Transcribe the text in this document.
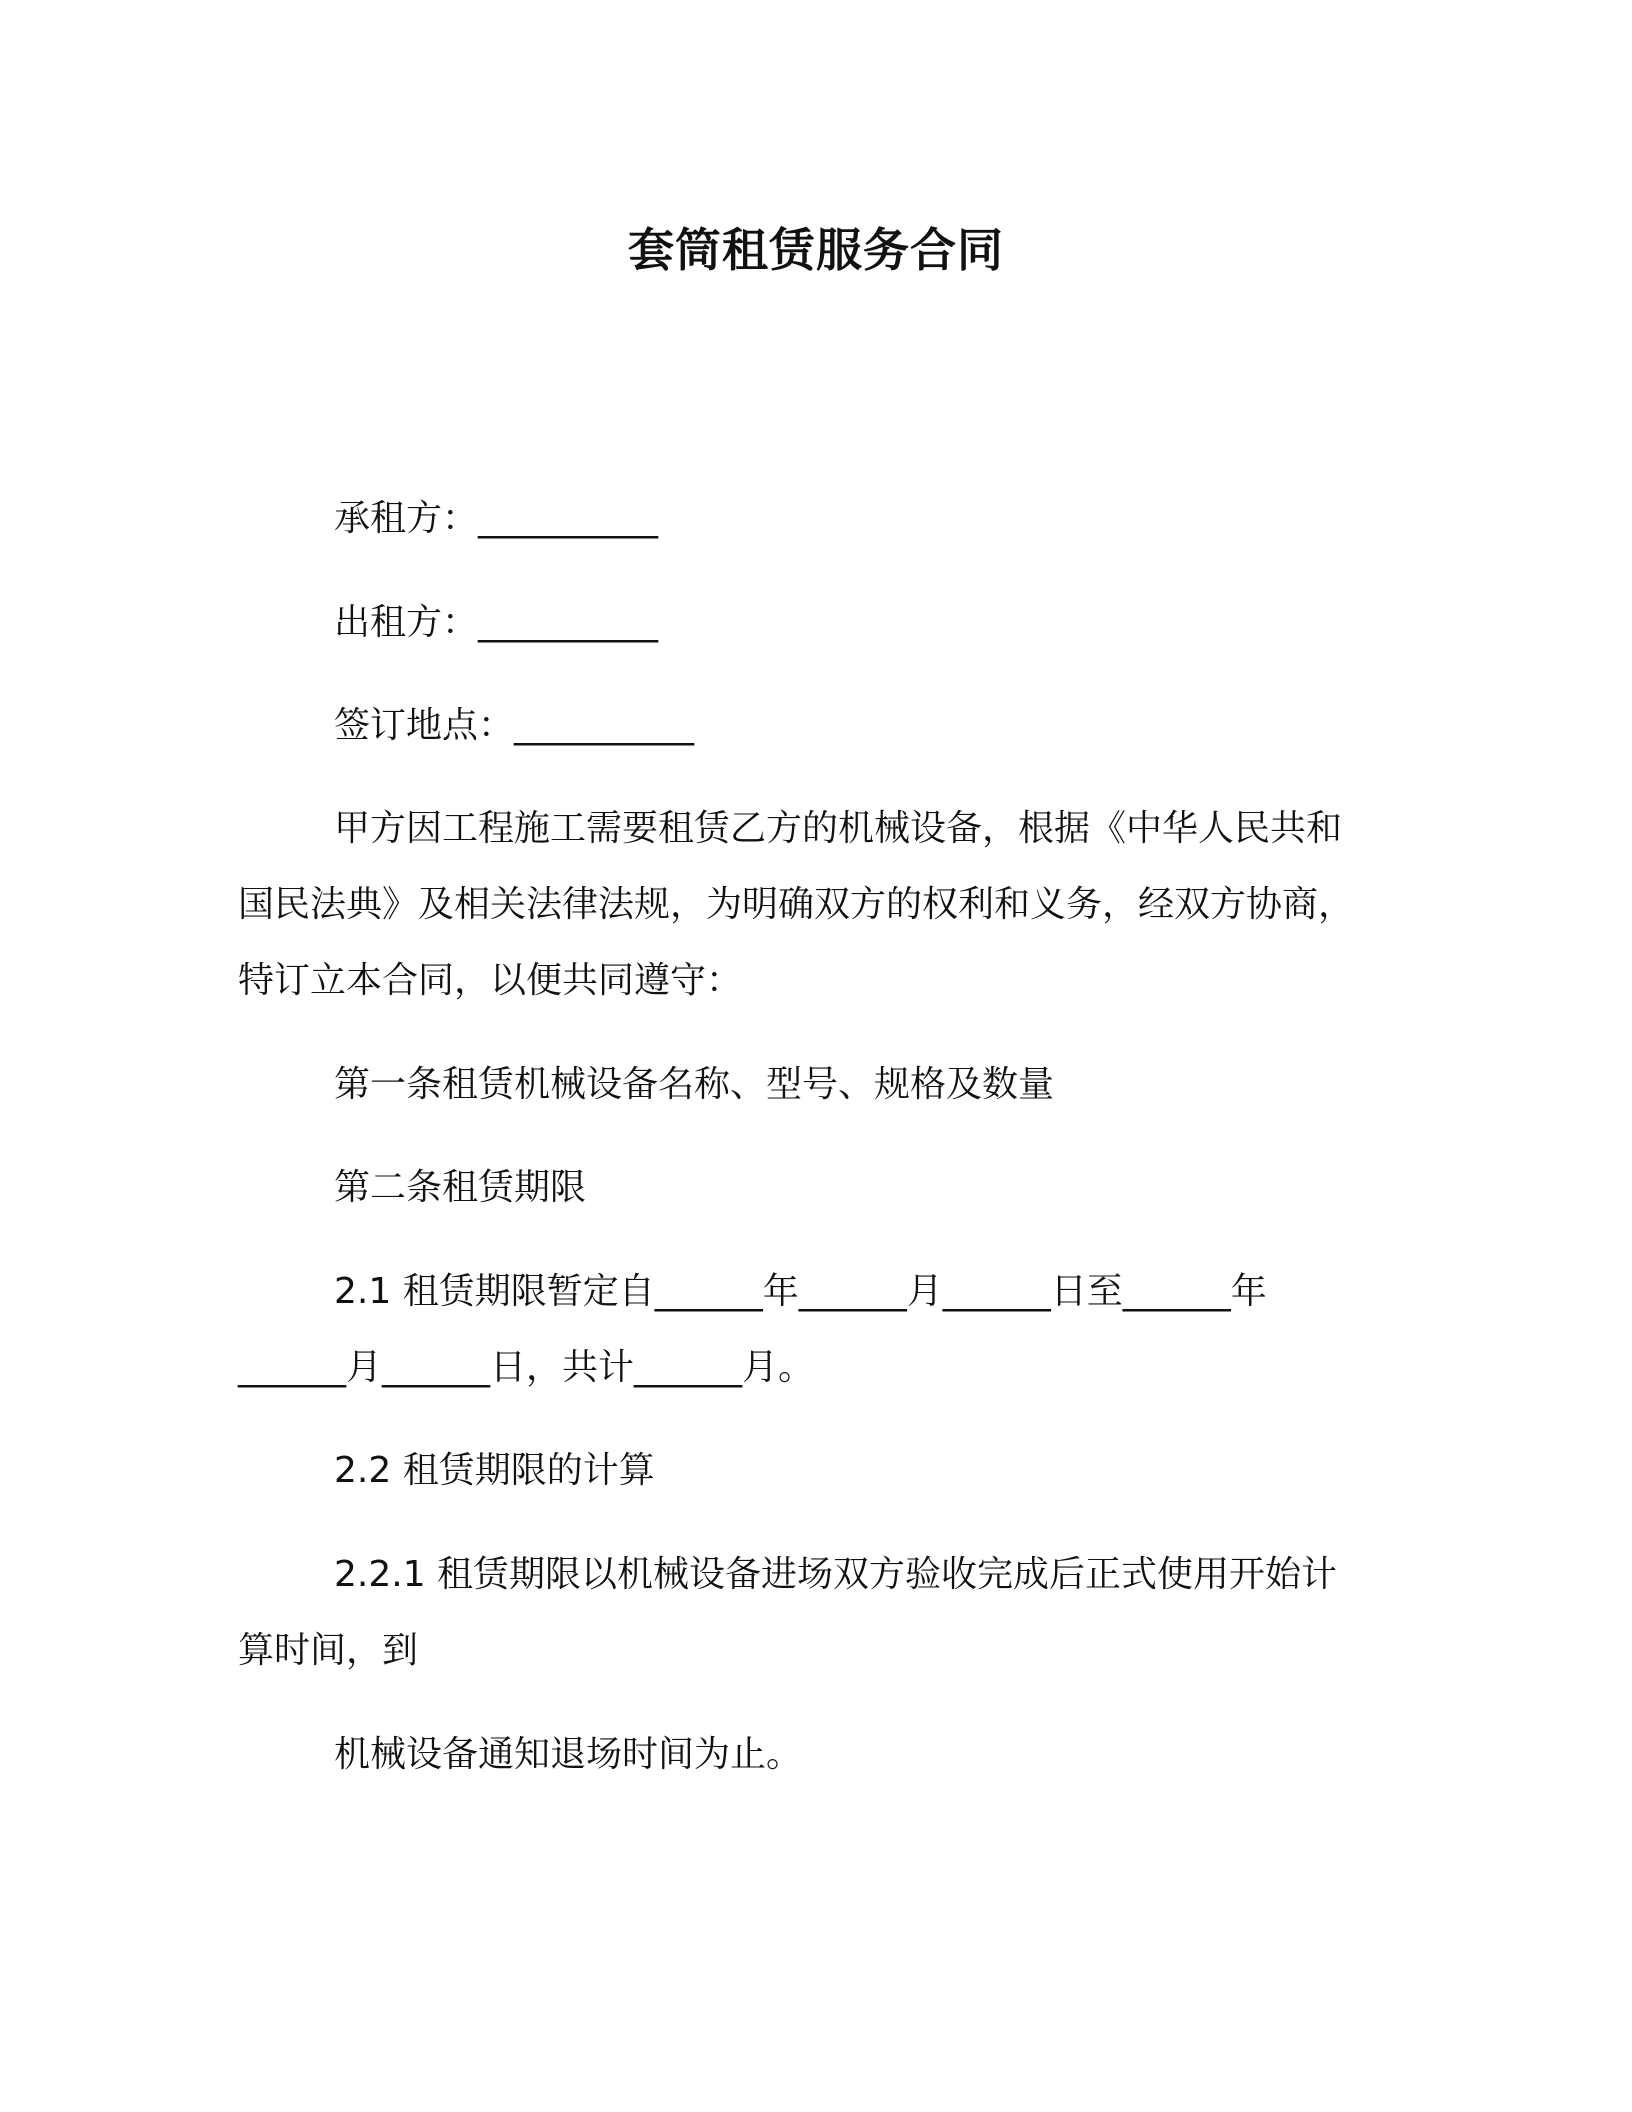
套筒租赁服务合同
承租方：__________
出租方：__________
签订地点：__________
甲方因工程施工需要租赁乙方的机械设备，根据《中华人民共和
国民法典》及相关法律法规，为明确双方的权利和义务，经双方协商，
特订立本合同，以便共同遵守：
第一条租赁机械设备名称、型号、规格及数量
第二条租赁期限
2.1 租赁期限暂定自______年______月______日至______年
______月______日，共计______月。
2.2 租赁期限的计算
2.2.1 租赁期限以机械设备进场双方验收完成后正式使用开始计
算时间，到
机械设备通知退场时间为止。
